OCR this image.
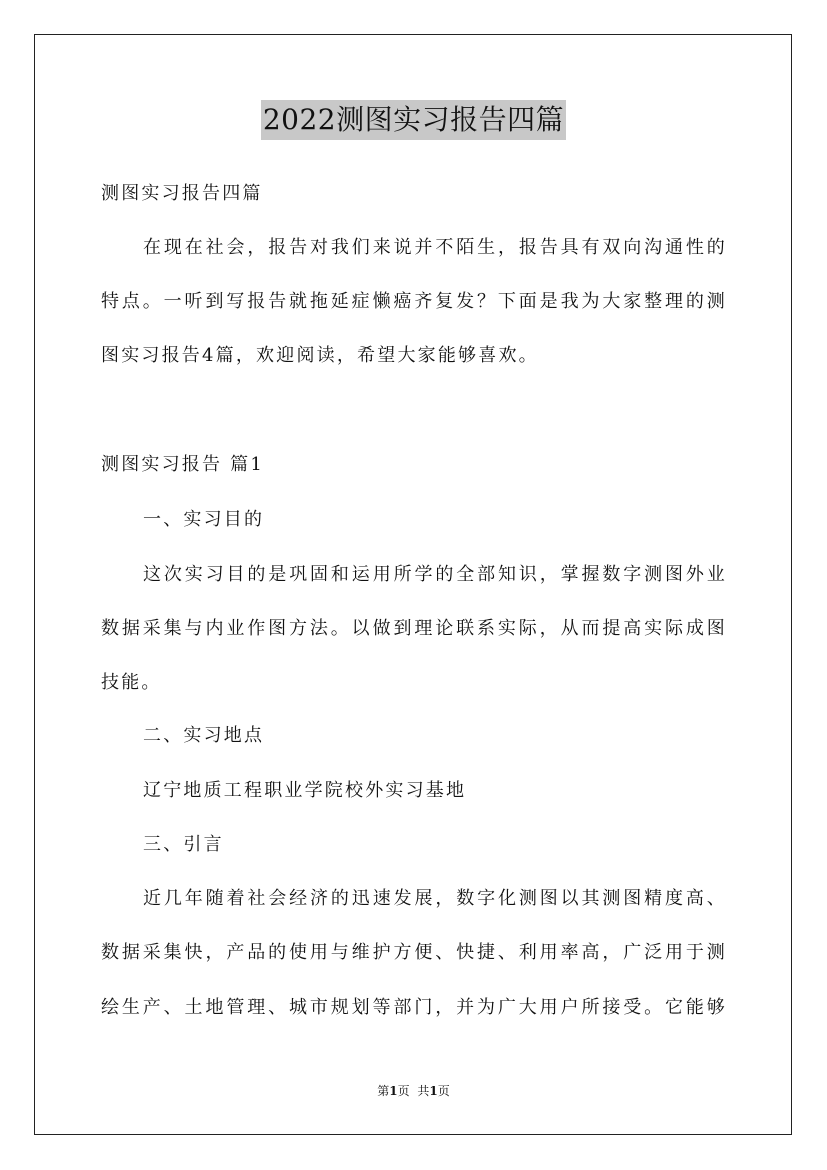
2022测图实习报告四篇
测图实习报告四篇
在现在社会，报告对我们来说并不陌生，报告具有双向沟通性的
特点。一听到写报告就拖延症懒癌齐复发？下面是我为大家整理的测
图实习报告4篇，欢迎阅读，希望大家能够喜欢。
测图实习报告 篇1
一、实习目的
这次实习目的是巩固和运用所学的全部知识，掌握数字测图外业
数据采集与内业作图方法。以做到理论联系实际，从而提高实际成图
技能。
二、实习地点
辽宁地质工程职业学院校外实习基地
三、引言
近几年随着社会经济的迅速发展，数字化测图以其测图精度高、
数据采集快，产品的使用与维护方便、快捷、利用率高，广泛用于测
绘生产、土地管理、城市规划等部门，并为广大用户所接受。它能够
第1页 共1页
